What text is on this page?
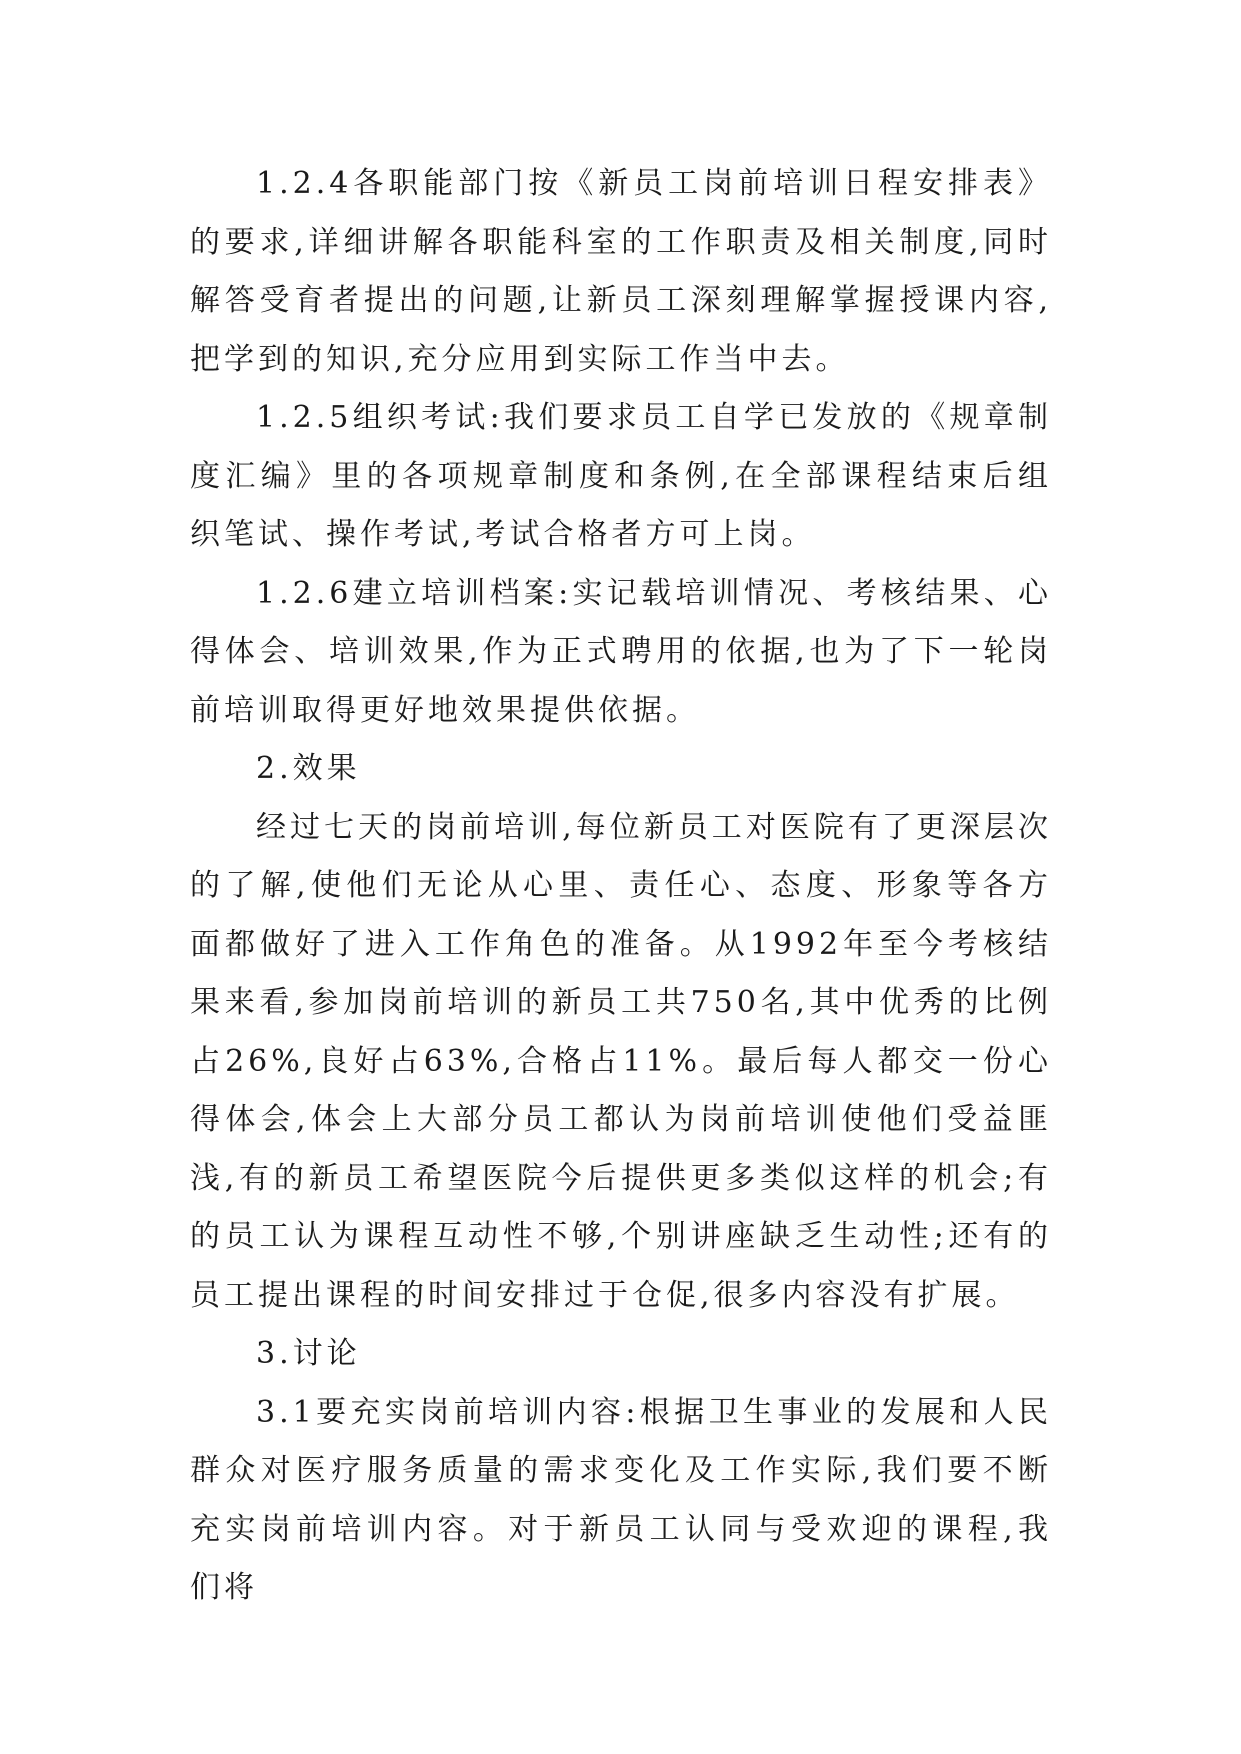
1.2.4各职能部门按《新员工岗前培训日程安排表》的要求,详细讲解各职能科室的工作职责及相关制度,同时解答受育者提出的问题,让新员工深刻理解掌握授课内容,把学到的知识,充分应用到实际工作当中去。

1.2.5组织考试:我们要求员工自学已发放的《规章制度汇编》里的各项规章制度和条例,在全部课程结束后组织笔试、操作考试,考试合格者方可上岗。

1.2.6建立培训档案:实记载培训情况、考核结果、心得体会、培训效果,作为正式聘用的依据,也为了下一轮岗前培训取得更好地效果提供依据。

2.效果

经过七天的岗前培训,每位新员工对医院有了更深层次的了解,使他们无论从心里、责任心、态度、形象等各方面都做好了进入工作角色的准备。从1992年至今考核结果来看,参加岗前培训的新员工共750名,其中优秀的比例占26%,良好占63%,合格占11%。最后每人都交一份心得体会,体会上大部分员工都认为岗前培训使他们受益匪浅,有的新员工希望医院今后提供更多类似这样的机会;有的员工认为课程互动性不够,个别讲座缺乏生动性;还有的员工提出课程的时间安排过于仓促,很多内容没有扩展。

3.讨论

3.1要充实岗前培训内容:根据卫生事业的发展和人民群众对医疗服务质量的需求变化及工作实际,我们要不断充实岗前培训内容。对于新员工认同与受欢迎的课程,我们将
